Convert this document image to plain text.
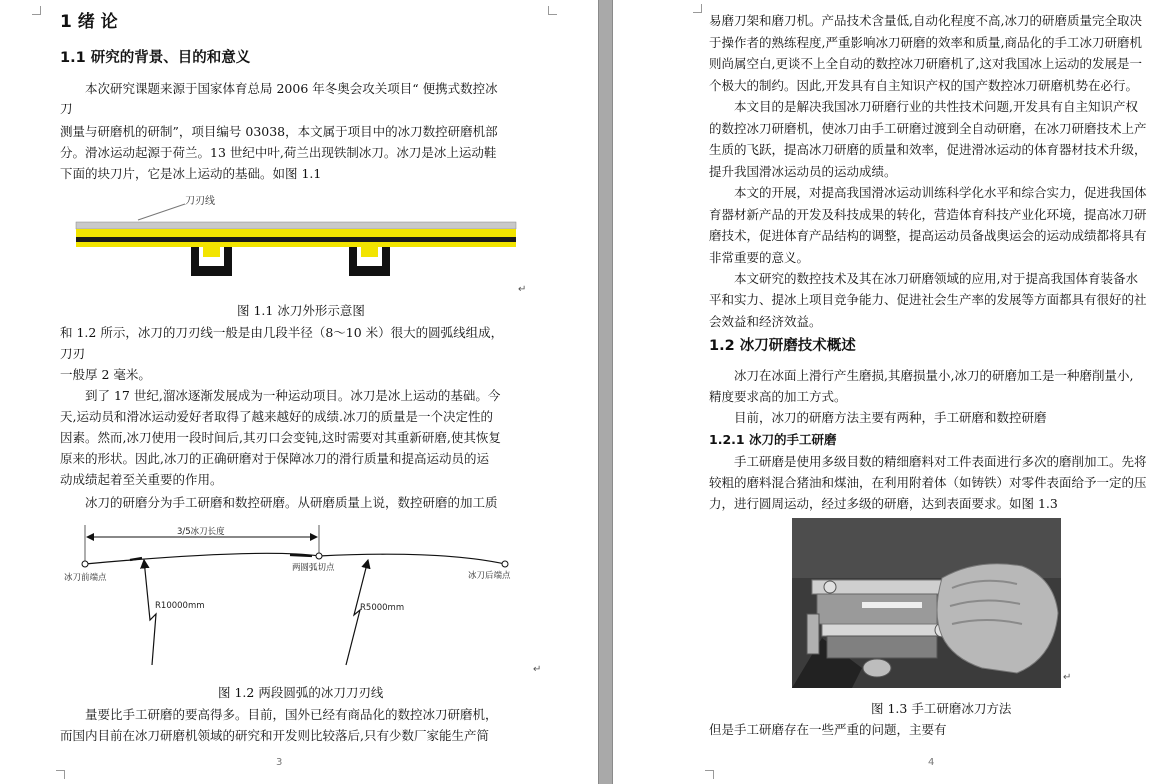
1 绪 论
1.1 研究的背景、目的和意义
本次研究课题来源于国家体育总局 2006 年冬奥会攻关项目“ 便携式数控冰
刀
测量与研磨机的研制”，项目编号 03038，本文属于项目中的冰刀数控研磨机部
分。滑冰运动起源于荷兰。13 世纪中叶,荷兰出现铁制冰刀。冰刀是冰上运动鞋
下面的块刀片，它是冰上运动的基础。如图 1.1
刀刃线
↵
图 1.1 冰刀外形示意图
和 1.2 所示，冰刀的刀刃线一般是由几段半径（8～10 米）很大的圆弧线组成，
刀刃
一般厚 2 毫米。
到了 17 世纪,溜冰逐渐发展成为一种运动项目。冰刀是冰上运动的基础。今
天,运动员和滑冰运动爱好者取得了越来越好的成绩.冰刀的质量是一个决定性的
因素。然而,冰刀使用一段时间后,其刃口会变钝,这时需要对其重新研磨,使其恢复
原来的形状。因此,冰刀的正确研磨对于保障冰刀的滑行质量和提高运动员的运
动成绩起着至关重要的作用。
冰刀的研磨分为手工研磨和数控研磨。从研磨质量上说，数控研磨的加工质
3/5冰刀长度
冰刀前端点
两圆弧切点
冰刀后端点
R10000mm	R5000mm
↵
图 1.2 两段圆弧的冰刀刀刃线
量要比手工研磨的要高得多。目前，国外已经有商品化的数控冰刀研磨机，
而国内目前在冰刀研磨机领域的研究和开发则比较落后,只有少数厂家能生产简
3
易磨刀架和磨刀机。产品技术含量低,自动化程度不高,冰刀的研磨质量完全取决
于操作者的熟练程度,严重影响冰刀研磨的效率和质量,商品化的手工冰刀研磨机
则尚属空白,更谈不上全自动的数控冰刀研磨机了,这对我国冰上运动的发展是一
个极大的制约。因此,开发具有自主知识产权的国产数控冰刀研磨机势在必行。
本文目的是解决我国冰刀研磨行业的共性技术问题,开发具有自主知识产权
的数控冰刀研磨机，使冰刀由手工研磨过渡到全自动研磨，在冰刀研磨技术上产
生质的飞跃，提高冰刀研磨的质量和效率，促进滑冰运动的体育器材技术升级，
提升我国滑冰运动员的运动成绩。
本文的开展，对提高我国滑冰运动训练科学化水平和综合实力，促进我国体
育器材新产品的开发及科技成果的转化，营造体育科技产业化环境，提高冰刀研
磨技术，促进体育产品结构的调整，提高运动员备战奥运会的运动成绩都将具有
非常重要的意义。
本文研究的数控技术及其在冰刀研磨领域的应用,对于提高我国体育装备水
平和实力、提冰上项目竞争能力、促进社会生产率的发展等方面都具有很好的社
会效益和经济效益。
1.2 冰刀研磨技术概述
冰刀在冰面上滑行产生磨损,其磨损量小,冰刀的研磨加工是一种磨削量小,
精度要求高的加工方式。
目前，冰刀的研磨方法主要有两种，手工研磨和数控研磨
1.2.1 冰刀的手工研磨
手工研磨是使用多级目数的精细磨料对工件表面进行多次的磨削加工。先将
较粗的磨料混合猪油和煤油，在利用附着体（如铸铁）对零件表面给予一定的压
力，进行圆周运动，经过多级的研磨，达到表面要求。如图 1.3
↵
图 1.3 手工研磨冰刀方法
但是手工研磨存在一些严重的问题，主要有
4
